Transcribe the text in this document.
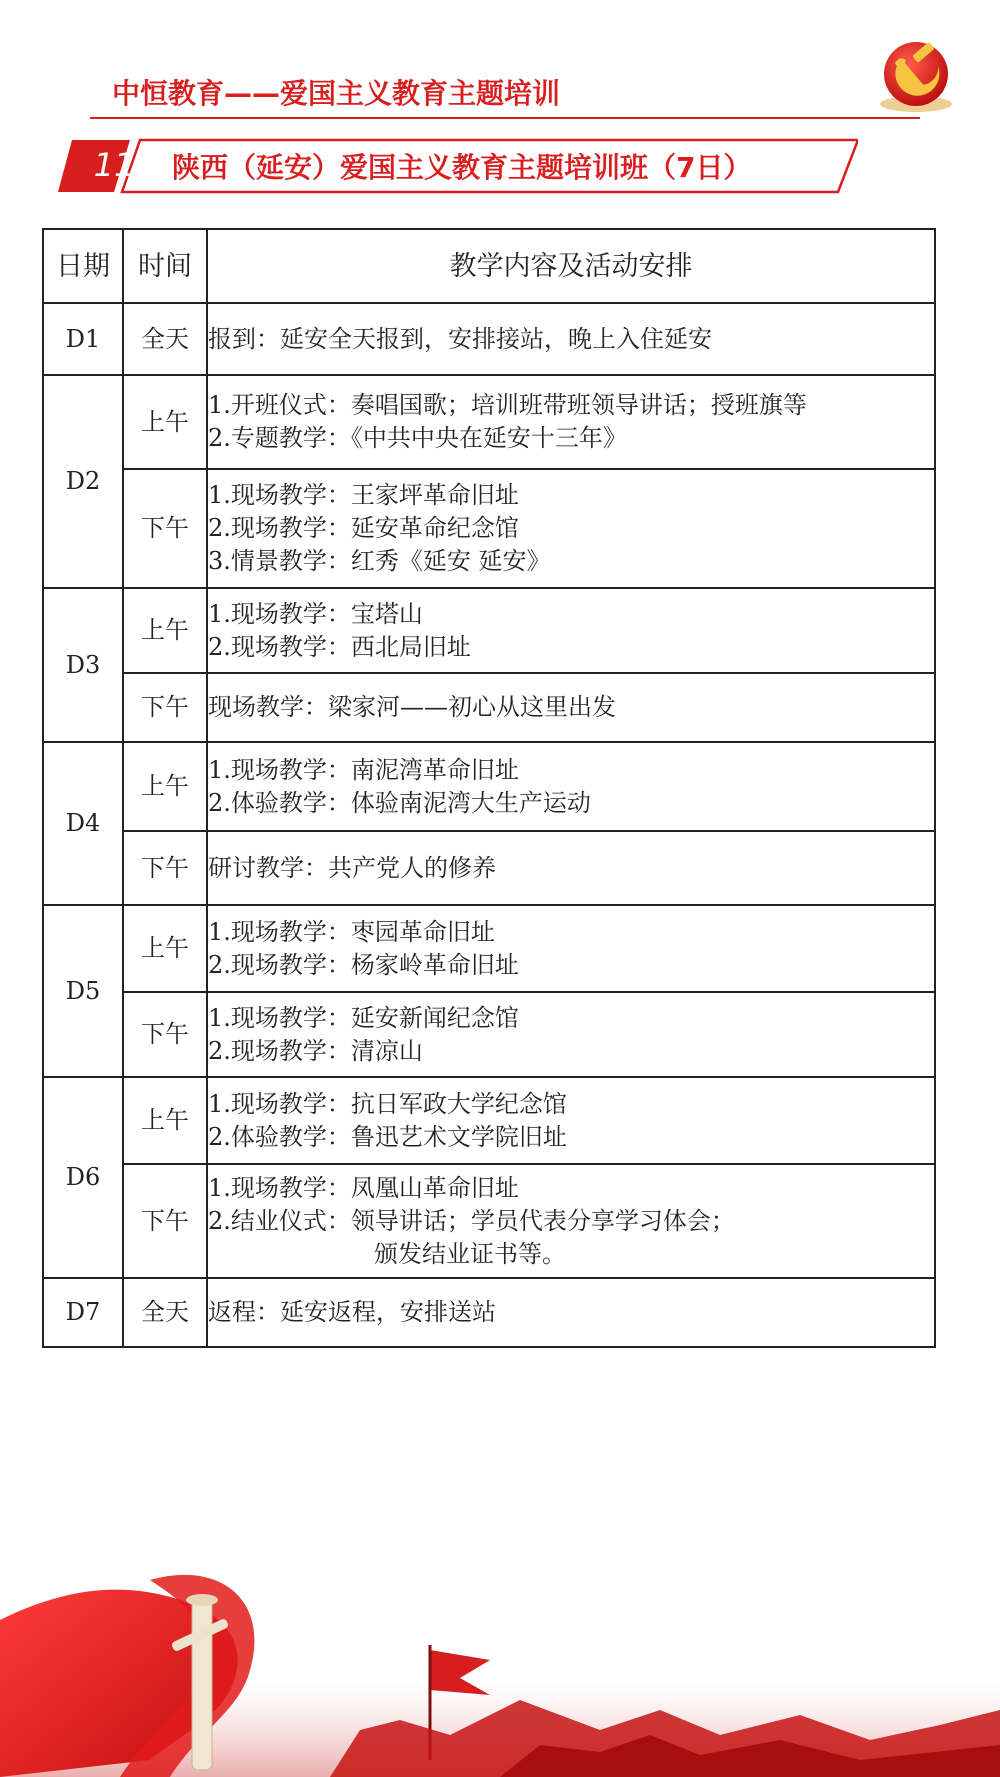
中恒教育——爱国主义教育主题培训
11	陕西（延安）爱国主义教育主题培训班（7日）
日期	时间	教学内容及活动安排
D1	全天	报到：延安全天报到，安排接站，晚上入住延安

D2	上午	1.开班仪式：奏唱国歌；培训班带班领导讲话；授班旗等
2.专题教学：《中共中央在延安十三年》

	下午	1.现场教学：王家坪革命旧址
2.现场教学：延安革命纪念馆
3.情景教学：红秀《延安 延安》

D3	上午	1.现场教学：宝塔山
2.现场教学：西北局旧址

	下午	现场教学：梁家河——初心从这里出发

D4	上午	1.现场教学：南泥湾革命旧址
2.体验教学：体验南泥湾大生产运动

	下午	研讨教学：共产党人的修养

D5	上午	1.现场教学：枣园革命旧址
2.现场教学：杨家岭革命旧址

	下午	1.现场教学：延安新闻纪念馆
2.现场教学：清凉山

D6	上午	1.现场教学：抗日军政大学纪念馆
2.体验教学：鲁迅艺术文学院旧址

	下午	1.现场教学：凤凰山革命旧址
2.结业仪式：领导讲话；学员代表分享学习体会；
颁发结业证书等。

D7	全天	返程：延安返程，安排送站
